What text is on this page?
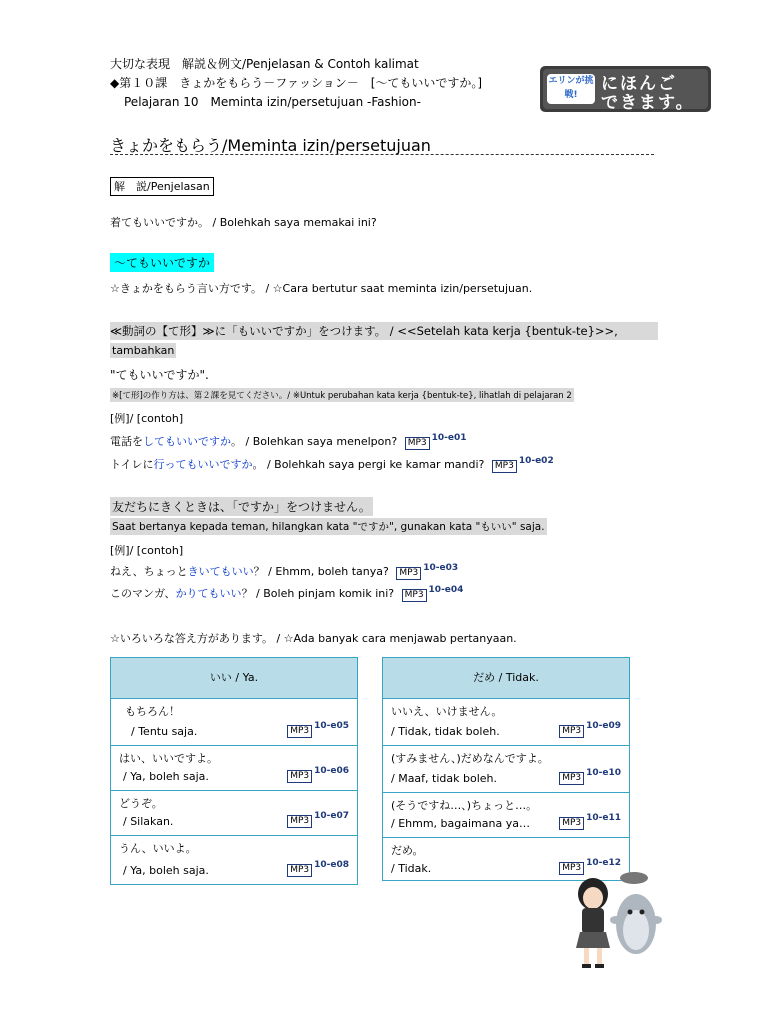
大切な表現　解説＆例文/Penjelasan & Contoh kalimat
◆第１０課　きょかをもらう－ファッション－　[～てもいいですか。]
Pelajaran 10　Meminta izin/persetujuan -Fashion-
エリンが挑戦!
にほんご
できます。
きょかをもらう/Meminta izin/persetujuan
解　説/Penjelasan
着てもいいですか。 / Bolehkah saya memakai ini?
～てもいいですか
☆きょかをもらう言い方です。 / ☆Cara bertutur saat meminta izin/persetujuan.
≪動詞の【て形】≫に「もいいですか」をつけます。 / <<Setelah kata kerja {bentuk-te}>>,
tambahkan
"てもいいですか".
※[て形]の作り方は、第２課を見てください。/ ※Untuk perubahan kata kerja {bentuk-te}, lihatlah di pelajaran 2
[例]/ [contoh]
電話をしてもいいですか。 / Bolehkan saya menelpon? MP3 $^{10-e01}$
トイレに行ってもいいですか。 / Bolehkah saya pergi ke kamar mandi? MP3 $^{10-e02}$
友だちにきくときは、「ですか」をつけません。
Saat bertanya kepada teman, hilangkan kata "ですか", gunakan kata "もいい" saja.
[例]/ [contoh]
ねえ、ちょっときいてもいい？ / Ehmm, boleh tanya? MP3 $^{10-e03}$
このマンガ、かりてもいい？ / Boleh pinjam komik ini? MP3 $^{10-e04}$
☆いろいろな答え方があります。 / ☆Ada banyak cara menjawab pertanyaan.
いい / Ya.
もちろん！
/ Tentu saja.	MP3 $^{10-e05}$
はい、いいですよ。
/ Ya, boleh saja.	MP3 $^{10-e06}$
どうぞ。
/ Silakan.	MP3 $^{10-e07}$
うん、いいよ。
/ Ya, boleh saja.	MP3 $^{10-e08}$
だめ / Tidak.
いいえ、いけません。
/ Tidak, tidak boleh.	MP3 $^{10-e09}$
(すみません、)だめなんですよ。
/ Maaf, tidak boleh.	MP3 $^{10-e10}$
(そうですね…、)ちょっと…。
/ Ehmm, bagaimana ya…	MP3 $^{10-e11}$
だめ。
/ Tidak.	MP3 $^{10-e12}$
